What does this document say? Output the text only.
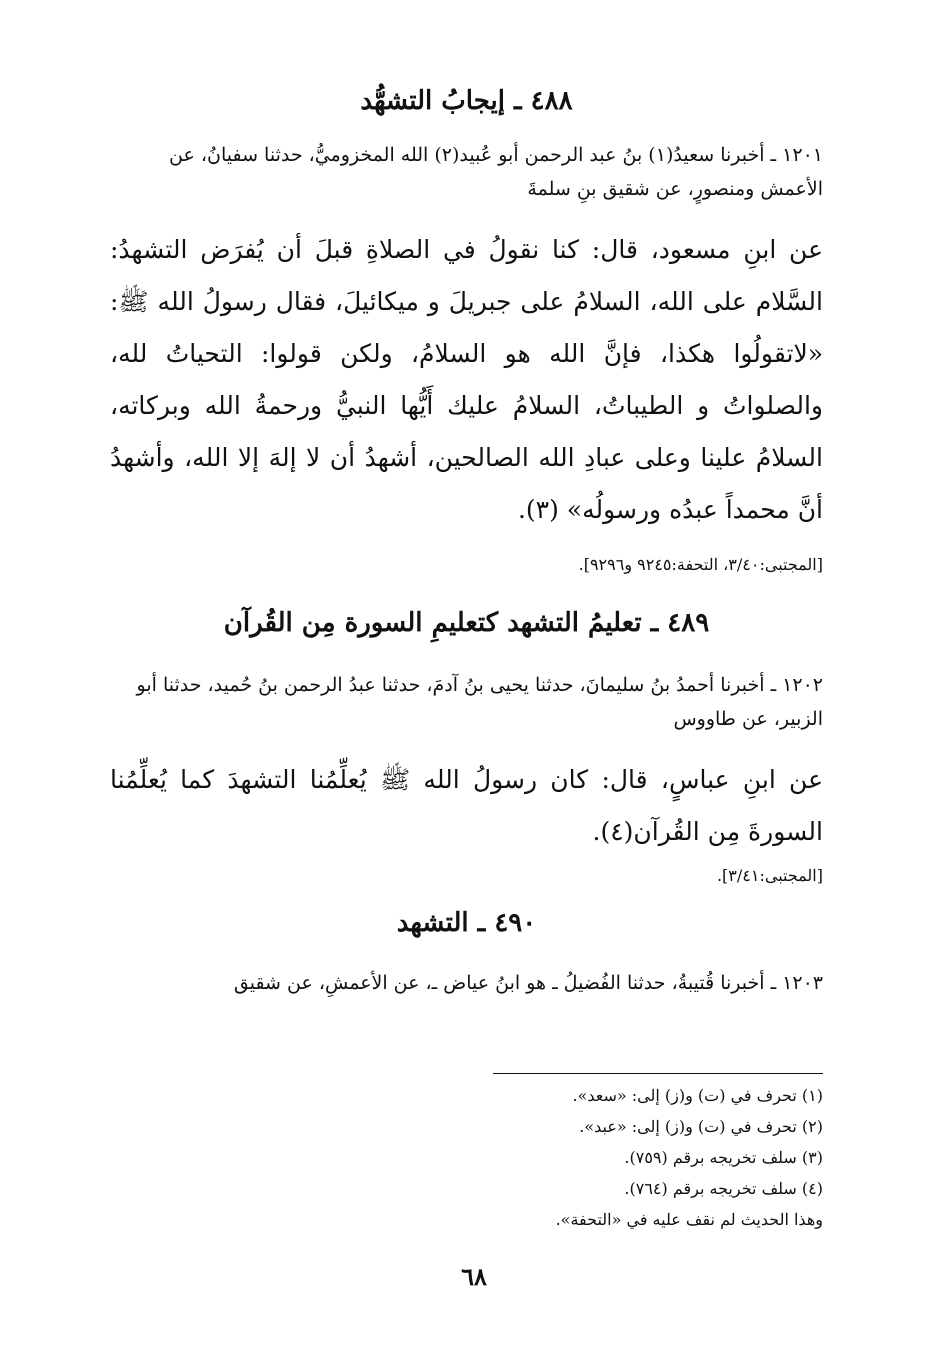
٤٨٨ ـ إيجابُ التشهُّد
١٢٠١ ـ أخبرنا سعيدُ(١) بنُ عبد الرحمن أبو عُبيد(٢) الله المخزوميُّ، حدثنا سفيانُ، عن الأعمش ومنصورٍ، عن شقيق بنِ سلمةَ
عن ابنِ مسعود، قال: كنا نقولُ في الصلاةِ قبلَ أن يُفرَض التشهدُ: السَّلام على الله، السلامُ على جبريلَ و ميكائيلَ، فقال رسولُ الله ﷺ: «لاتقولُوا هكذا، فإنَّ الله هو السلامُ، ولكن قولوا: التحياتُ لله، والصلواتُ و الطيباتُ، السلامُ عليك أَيُّها النبيُّ ورحمةُ الله وبركاته، السلامُ علينا وعلى عبادِ الله الصالحين، أشهدُ أن لا إلهَ إلا الله، وأشهدُ أنَّ محمداً عبدُه ورسولُه» (٣).
[المجتبى:٣/٤٠، التحفة:٩٢٤٥ و٩٢٩٦].
٤٨٩ ـ تعليمُ التشهد كتعليمِ السورة مِن القُرآن
١٢٠٢ ـ أخبرنا أحمدُ بنُ سليمانَ، حدثنا يحيى بنُ آدمَ، حدثنا عبدُ الرحمن بنُ حُميد، حدثنا أبو الزبير، عن طاووس
عن ابنِ عباسٍ، قال: كان رسولُ الله ﷺ يُعلِّمُنا التشهدَ كما يُعلِّمُنا السورةَ مِن القُرآن(٤).
[المجتبى:٣/٤١].
٤٩٠ ـ التشهد
١٢٠٣ ـ أخبرنا قُتيبةُ، حدثنا الفُضيلُ ـ هو ابنُ عياض ـ، عن الأعمشِ، عن شقيق
(١) تحرف في (ت) و(ز) إلى: «سعد».
(٢) تحرف في (ت) و(ز) إلى: «عبد».
(٣) سلف تخريجه برقم (٧٥٩).
(٤) سلف تخريجه برقم (٧٦٤).
وهذا الحديث لم نقف عليه في «التحفة».
٦٨
